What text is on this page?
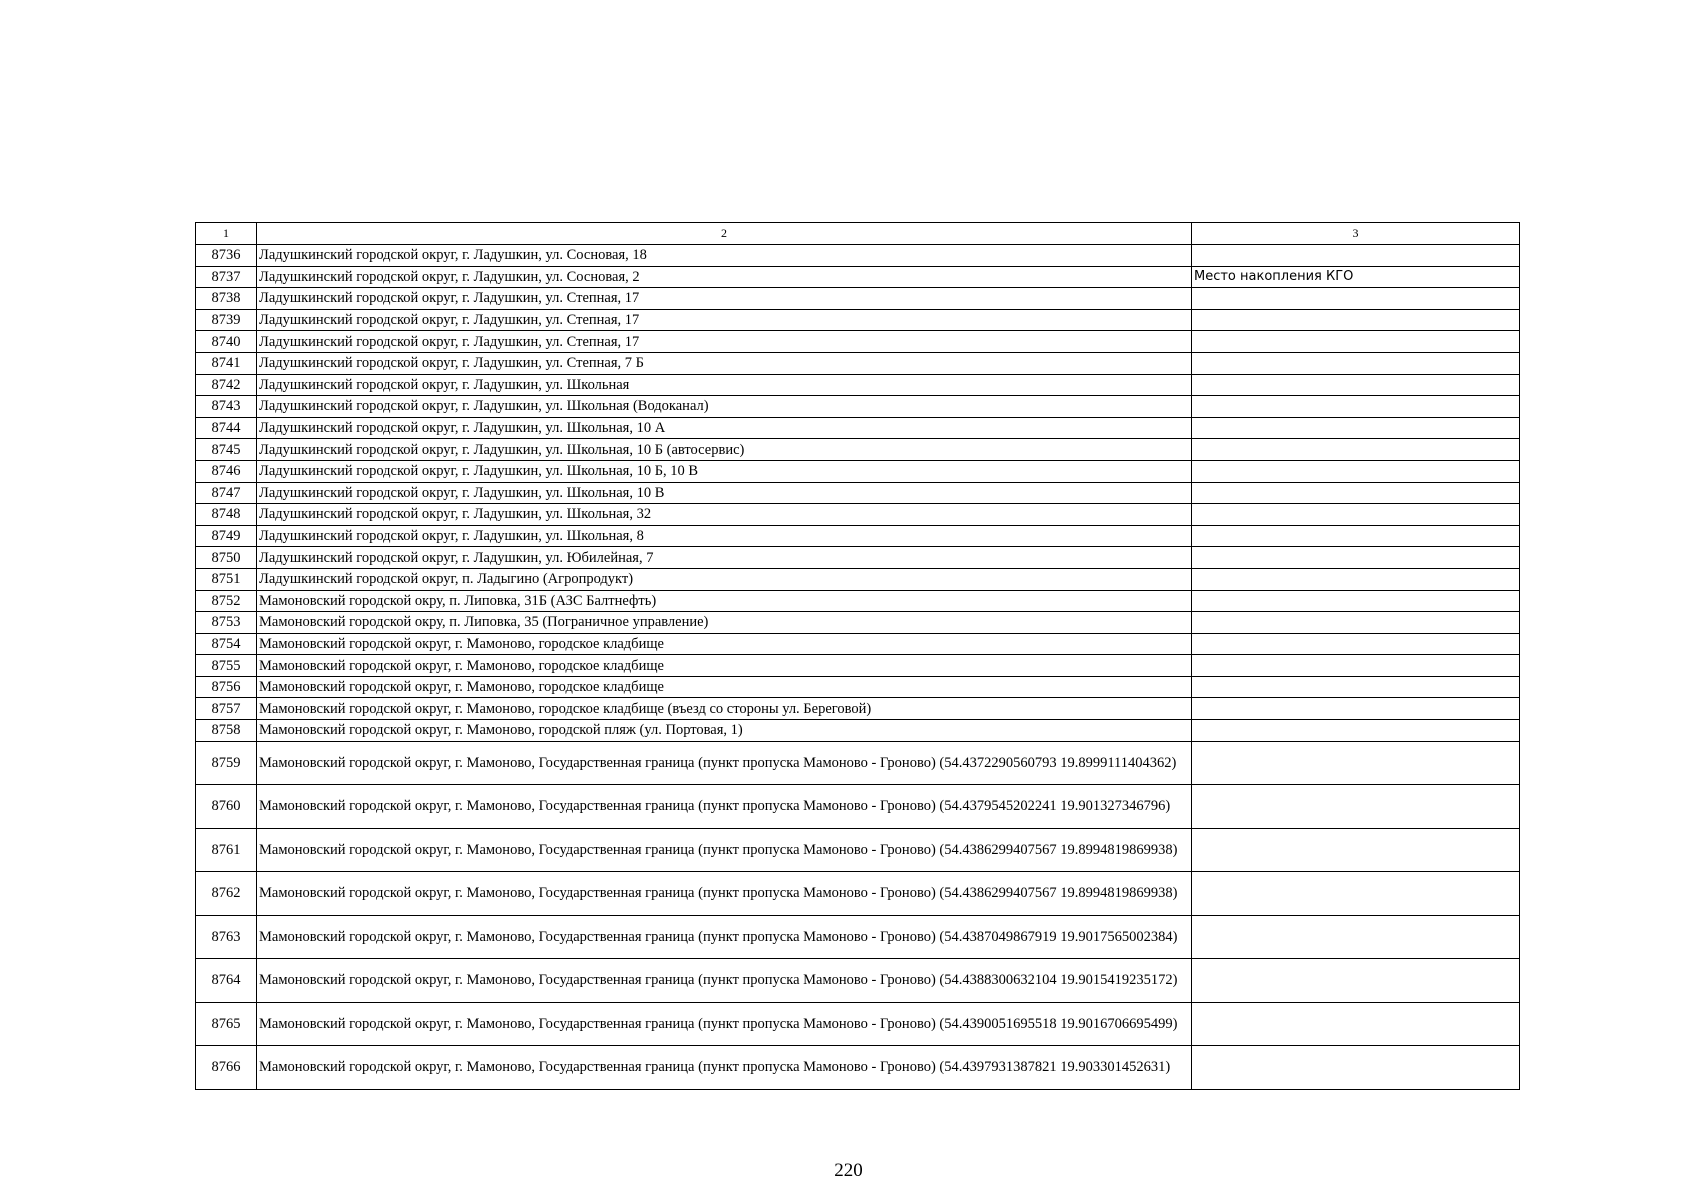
1	2	3
8736	Ладушкинский городской округ, г. Ладушкин, ул. Сосновая, 18	
8737	Ладушкинский городской округ, г. Ладушкин, ул. Сосновая, 2	Место накопления КГО
8738	Ладушкинский городской округ, г. Ладушкин, ул. Степная, 17	
8739	Ладушкинский городской округ, г. Ладушкин, ул. Степная, 17	
8740	Ладушкинский городской округ, г. Ладушкин, ул. Степная, 17	
8741	Ладушкинский городской округ, г. Ладушкин, ул. Степная, 7 Б	
8742	Ладушкинский городской округ, г. Ладушкин, ул. Школьная	
8743	Ладушкинский городской округ, г. Ладушкин, ул. Школьная (Водоканал)	
8744	Ладушкинский городской округ, г. Ладушкин, ул. Школьная, 10 А	
8745	Ладушкинский городской округ, г. Ладушкин, ул. Школьная, 10 Б (автосервис)	
8746	Ладушкинский городской округ, г. Ладушкин, ул. Школьная, 10 Б, 10 В	
8747	Ладушкинский городской округ, г. Ладушкин, ул. Школьная, 10 В	
8748	Ладушкинский городской округ, г. Ладушкин, ул. Школьная, 32	
8749	Ладушкинский городской округ, г. Ладушкин, ул. Школьная, 8	
8750	Ладушкинский городской округ, г. Ладушкин, ул. Юбилейная, 7	
8751	Ладушкинский городской округ, п. Ладыгино (Агропродукт)	
8752	Мамоновский городской окру, п. Липовка, 31Б (АЗС Балтнефть)	
8753	Мамоновский городской окру, п. Липовка, 35 (Пограничное управление)	
8754	Мамоновский городской округ, г. Мамоново, городское кладбище	
8755	Мамоновский городской округ, г. Мамоново, городское кладбище	
8756	Мамоновский городской округ, г. Мамоново, городское кладбище	
8757	Мамоновский городской округ, г. Мамоново, городское кладбище (въезд со стороны ул. Береговой)	
8758	Мамоновский городской округ, г. Мамоново, городской пляж (ул. Портовая, 1)	
8759	Мамоновский городской округ, г. Мамоново, Государственная граница (пункт пропуска Мамоново - Гроново) (54.4372290560793 19.8999111404362)	
8760	Мамоновский городской округ, г. Мамоново, Государственная граница (пункт пропуска Мамоново - Гроново) (54.4379545202241 19.901327346796)	
8761	Мамоновский городской округ, г. Мамоново, Государственная граница (пункт пропуска Мамоново - Гроново) (54.4386299407567 19.8994819869938)	
8762	Мамоновский городской округ, г. Мамоново, Государственная граница (пункт пропуска Мамоново - Гроново) (54.4386299407567 19.8994819869938)	
8763	Мамоновский городской округ, г. Мамоново, Государственная граница (пункт пропуска Мамоново - Гроново) (54.4387049867919 19.9017565002384)	
8764	Мамоновский городской округ, г. Мамоново, Государственная граница (пункт пропуска Мамоново - Гроново) (54.4388300632104 19.9015419235172)	
8765	Мамоновский городской округ, г. Мамоново, Государственная граница (пункт пропуска Мамоново - Гроново) (54.4390051695518 19.9016706695499)	
8766	Мамоновский городской округ, г. Мамоново, Государственная граница (пункт пропуска Мамоново - Гроново) (54.4397931387821 19.903301452631)	
220
